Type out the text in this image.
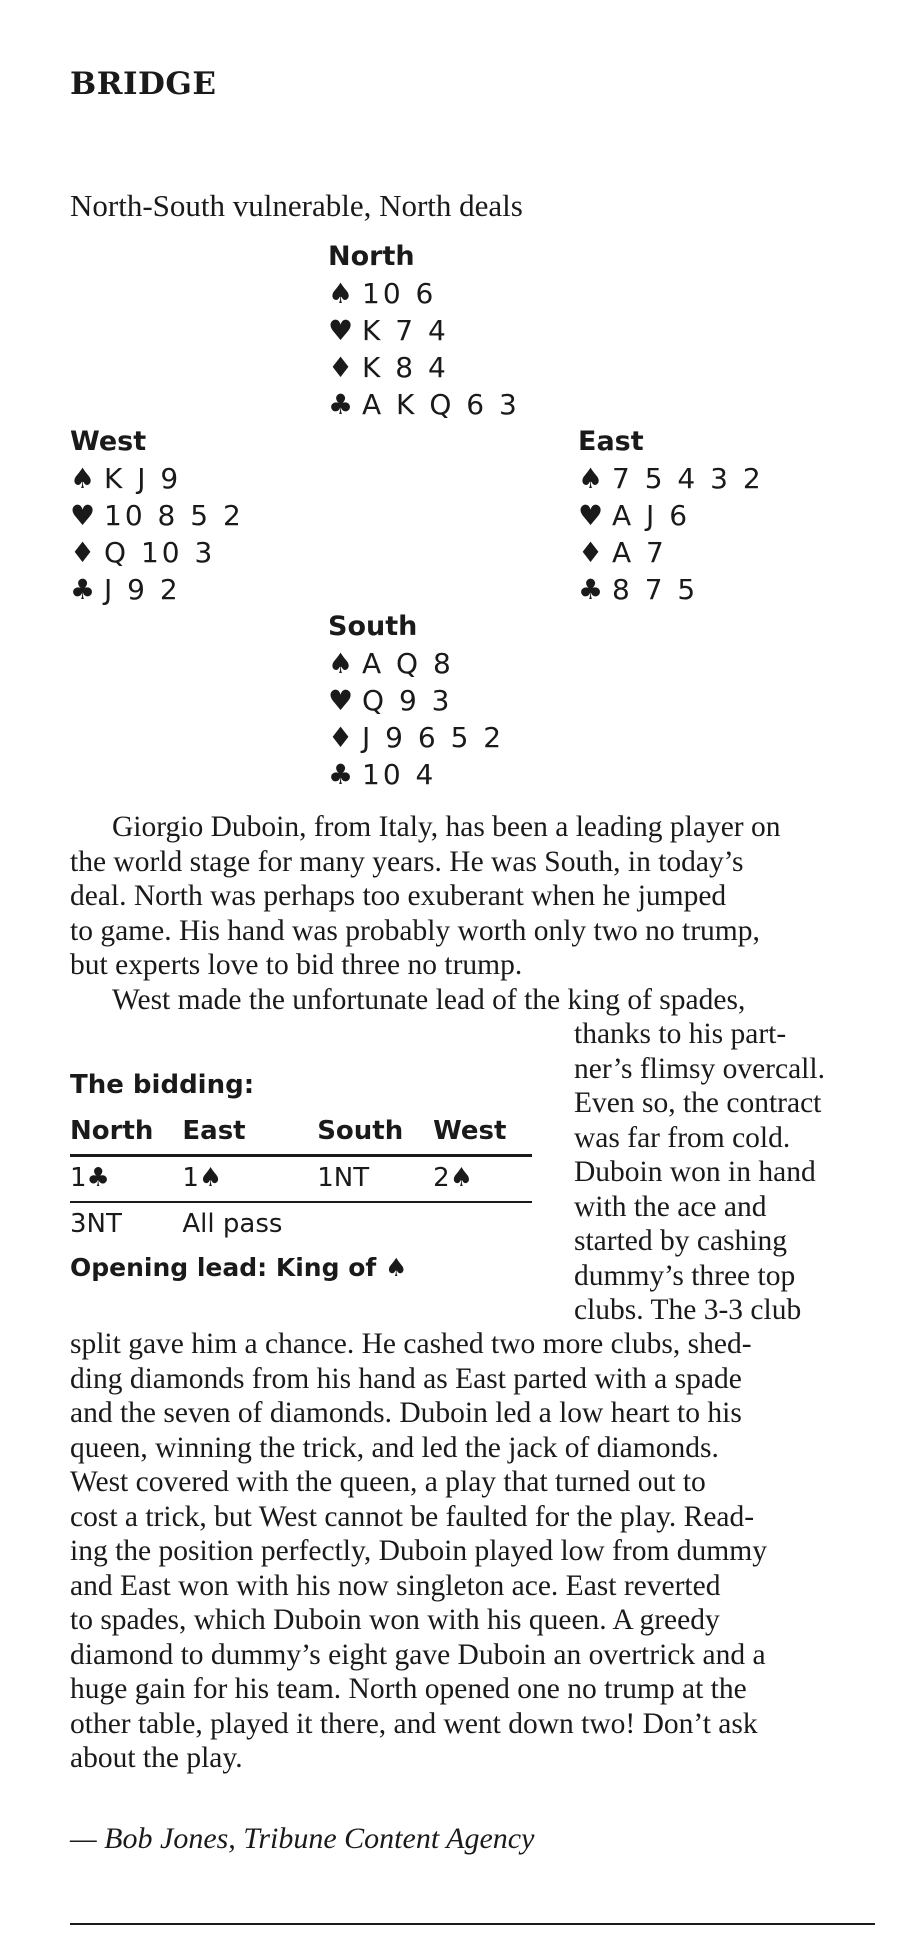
BRIDGE
North-South vulnerable, North deals
North
♠ 10 6
♥ K 7 4
♦ K 8 4
♣ A K Q 6 3
West
♠ K J 9
♥ 10 8 5 2
♦ Q 10 3
♣ J 9 2
East
♠ 7 5 4 3 2
♥ A J 6
♦ A 7
♣ 8 7 5
South
♠ A Q 8
♥ Q 9 3
♦ J 9 6 5 2
♣ 10 4
Giorgio Duboin, from Italy, has been a leading player on
the world stage for many years. He was South, in today’s
deal. North was perhaps too exuberant when he jumped
to game. His hand was probably worth only two no trump,
but experts love to bid three no trump.
West made the unfortunate lead of the king of spades,
thanks to his part-
ner’s flimsy overcall.
Even so, the contract
was far from cold.
Duboin won in hand
with the ace and
started by cashing
dummy’s three top
clubs. The 3-3 club
The bidding:
North	East	South	West
1♣	1♠	1NT	2♠
3NT	All pass		
Opening lead: King of ♠
split gave him a chance. He cashed two more clubs, shed-
ding diamonds from his hand as East parted with a spade
and the seven of diamonds. Duboin led a low heart to his
queen, winning the trick, and led the jack of diamonds.
West covered with the queen, a play that turned out to
cost a trick, but West cannot be faulted for the play. Read-
ing the position perfectly, Duboin played low from dummy
and East won with his now singleton ace. East reverted
to spades, which Duboin won with his queen. A greedy
diamond to dummy’s eight gave Duboin an overtrick and a
huge gain for his team. North opened one no trump at the
other table, played it there, and went down two! Don’t ask
about the play.
— Bob Jones, Tribune Content Agency
